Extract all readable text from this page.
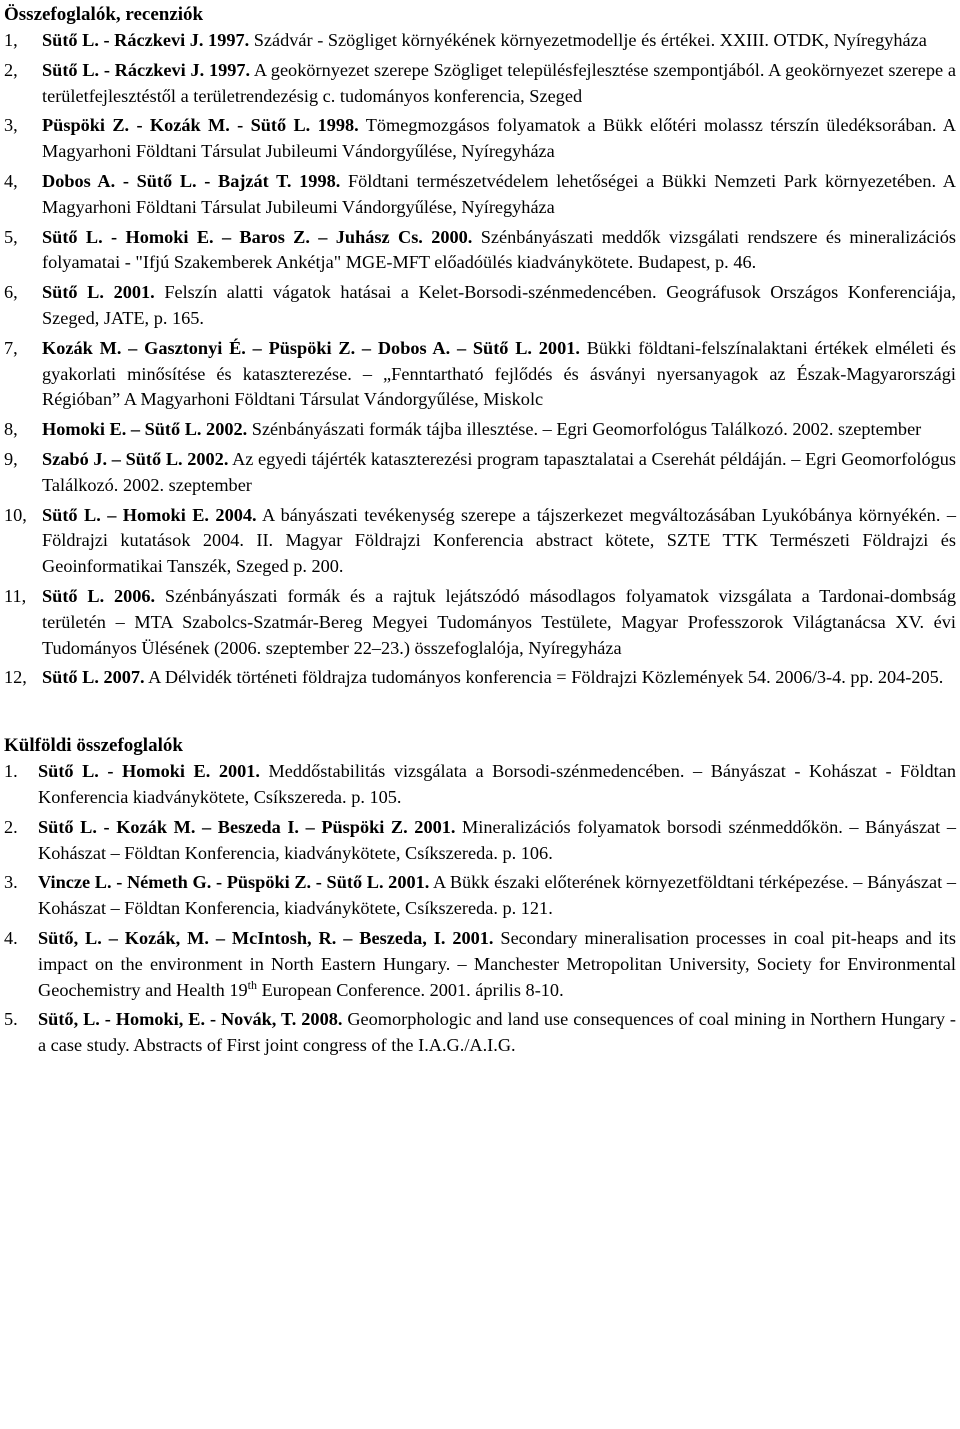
Összefoglalók, recenziók
1, Sütő L. - Ráczkevi J. 1997. Szádvár - Szögliget környékének környezetmodellje és értékei. XXIII. OTDK, Nyíregyháza
2, Sütő L. - Ráczkevi J. 1997. A geokörnyezet szerepe Szögliget településfejlesztése szempontjából. A geokörnyezet szerepe a területfejlesztéstől a területrendezésig c. tudományos konferencia, Szeged
3, Püspöki Z. - Kozák M. - Sütő L. 1998. Tömegmozgásos folyamatok a Bükk előtéri molassz térszín üledéksorában. A Magyarhoni Földtani Társulat Jubileumi Vándorgyűlése, Nyíregyháza
4, Dobos A. - Sütő L. - Bajzát T. 1998. Földtani természetvédelem lehetőségei a Bükki Nemzeti Park környezetében. A Magyarhoni Földtani Társulat Jubileumi Vándorgyűlése, Nyíregyháza
5, Sütő L. - Homoki E. – Baros Z. – Juhász Cs. 2000. Szénbányászati meddők vizsgálati rendszere és mineralizációs folyamatai - "Ifjú Szakemberek Ankétja" MGE-MFT előadóülés kiadványkötete. Budapest, p. 46.
6, Sütő L. 2001. Felszín alatti vágatok hatásai a Kelet-Borsodi-szénmedencében. Geográfusok Országos Konferenciája, Szeged, JATE, p. 165.
7, Kozák M. – Gasztonyi É. – Püspöki Z. – Dobos A. – Sütő L. 2001. Bükki földtani-felszínalaktani értékek elméleti és gyakorlati minősítése és kataszterezése. – „Fenntartható fejlődés és ásványi nyersanyagok az Észak-Magyarországi Régióban” A Magyarhoni Földtani Társulat Vándorgyűlése, Miskolc
8, Homoki E. – Sütő L. 2002. Szénbányászati formák tájba illesztése. – Egri Geomorfológus Találkozó. 2002. szeptember
9, Szabó J. – Sütő L. 2002. Az egyedi tájérték kataszterezési program tapasztalatai a Cserehát példáján. – Egri Geomorfológus Találkozó. 2002. szeptember
10, Sütő L. – Homoki E. 2004. A bányászati tevékenység szerepe a tájszerkezet megváltozásában Lyukóbánya környékén. – Földrajzi kutatások 2004. II. Magyar Földrajzi Konferencia abstract kötete, SZTE TTK Természeti Földrajzi és Geoinformatikai Tanszék, Szeged p. 200.
11, Sütő L. 2006. Szénbányászati formák és a rajtuk lejátszódó másodlagos folyamatok vizsgálata a Tardonai-dombság területén – MTA Szabolcs-Szatmár-Bereg Megyei Tudományos Testülete, Magyar Professzorok Világtanácsa XV. évi Tudományos Ülésének (2006. szeptember 22–23.) összefoglalója, Nyíregyháza
12, Sütő L. 2007. A Délvidék történeti földrajza tudományos konferencia = Földrajzi Közlemények 54. 2006/3-4. pp. 204-205.
Külföldi összefoglalók
1. Sütő L. - Homoki E. 2001. Meddőstabilitás vizsgálata a Borsodi-szénmedencében. – Bányászat - Kohászat - Földtan Konferencia kiadványkötete, Csíkszereda. p. 105.
2. Sütő L. - Kozák M. – Beszeda I. – Püspöki Z. 2001. Mineralizációs folyamatok borsodi szénmeddőkön. – Bányászat – Kohászat – Földtan Konferencia, kiadványkötete, Csíkszereda. p. 106.
3. Vincze L. - Németh G. - Püspöki Z. - Sütő L. 2001. A Bükk északi előterének környezetföldtani térképezése. – Bányászat – Kohászat – Földtan Konferencia, kiadványkötete, Csíkszereda. p. 121.
4. Sütő, L. – Kozák, M. – McIntosh, R. – Beszeda, I. 2001. Secondary mineralisation processes in coal pit-heaps and its impact on the environment in North Eastern Hungary. – Manchester Metropolitan University, Society for Environmental Geochemistry and Health 19th European Conference. 2001. április 8-10.
5. Sütő, L. - Homoki, E. - Novák, T. 2008. Geomorphologic and land use consequences of coal mining in Northern Hungary - a case study. Abstracts of First joint congress of the I.A.G./A.I.G.
